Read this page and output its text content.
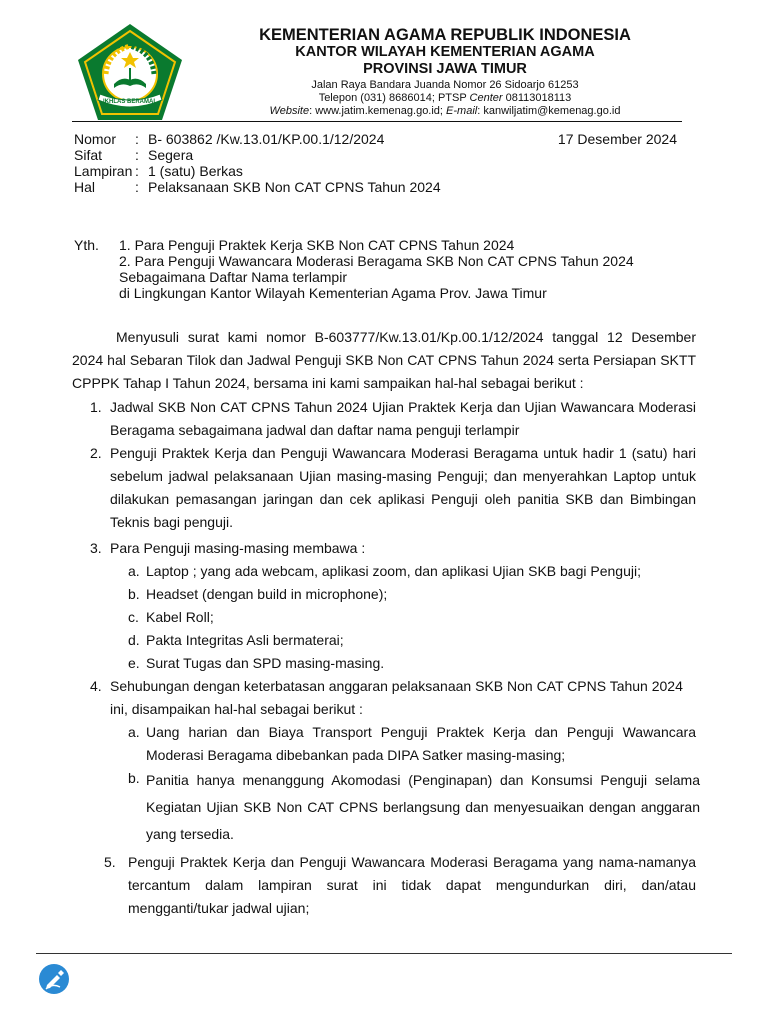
IKHLAS BERAMAL
KEMENTERIAN AGAMA REPUBLIK INDONESIA
KANTOR WILAYAH KEMENTERIAN AGAMA
PROVINSI JAWA TIMUR
Jalan Raya Bandara Juanda Nomor 26 Sidoarjo 61253
Telepon (031) 8686014; PTSP Center 08113018113
Website: www.jatim.kemenag.go.id; E-mail: kanwiljatim@kemenag.go.id
Nomor	: B- 603862 /Kw.13.01/KP.00.1/12/2024	17 Desember 2024
Sifat	: Segera
Lampiran : 1 (satu) Berkas
Hal	: Pelaksanaan SKB Non CAT CPNS Tahun 2024
Yth. 1. Para Penguji Praktek Kerja SKB Non CAT CPNS Tahun 2024
2. Para Penguji Wawancara Moderasi Beragama SKB Non CAT CPNS Tahun 2024
Sebagaimana Daftar Nama terlampir
di Lingkungan Kantor Wilayah Kementerian Agama Prov. Jawa Timur
Menyusuli surat kami nomor B-603777/Kw.13.01/Kp.00.1/12/2024 tanggal 12 Desember 2024 hal Sebaran Tilok dan Jadwal Penguji SKB Non CAT CPNS Tahun 2024 serta Persiapan SKTT CPPPK Tahap I Tahun 2024, bersama ini kami sampaikan hal-hal sebagai berikut :
1. Jadwal SKB Non CAT CPNS Tahun 2024 Ujian Praktek Kerja dan Ujian Wawancara Moderasi Beragama sebagaimana jadwal dan daftar nama penguji terlampir
2. Penguji Praktek Kerja dan Penguji Wawancara Moderasi Beragama untuk hadir 1 (satu) hari sebelum jadwal pelaksanaan Ujian masing-masing Penguji; dan menyerahkan Laptop untuk dilakukan pemasangan jaringan dan cek aplikasi Penguji oleh panitia SKB dan Bimbingan Teknis bagi penguji.
3. Para Penguji masing-masing membawa :
a. Laptop ; yang ada webcam, aplikasi zoom, dan aplikasi Ujian SKB bagi Penguji;
b. Headset (dengan build in microphone);
c. Kabel Roll;
d. Pakta Integritas Asli bermaterai;
e. Surat Tugas dan SPD masing-masing.
4. Sehubungan dengan keterbatasan anggaran pelaksanaan SKB Non CAT CPNS Tahun 2024 ini, disampaikan hal-hal sebagai berikut :
a. Uang harian dan Biaya Transport Penguji Praktek Kerja dan Penguji Wawancara Moderasi Beragama dibebankan pada DIPA Satker masing-masing;
b. Panitia hanya menanggung Akomodasi (Penginapan) dan Konsumsi Penguji selama Kegiatan Ujian SKB Non CAT CPNS berlangsung dan menyesuaikan dengan anggaran yang tersedia.
5. Penguji Praktek Kerja dan Penguji Wawancara Moderasi Beragama yang nama-namanya tercantum dalam lampiran surat ini tidak dapat mengundurkan diri, dan/atau mengganti/tukar jadwal ujian;
